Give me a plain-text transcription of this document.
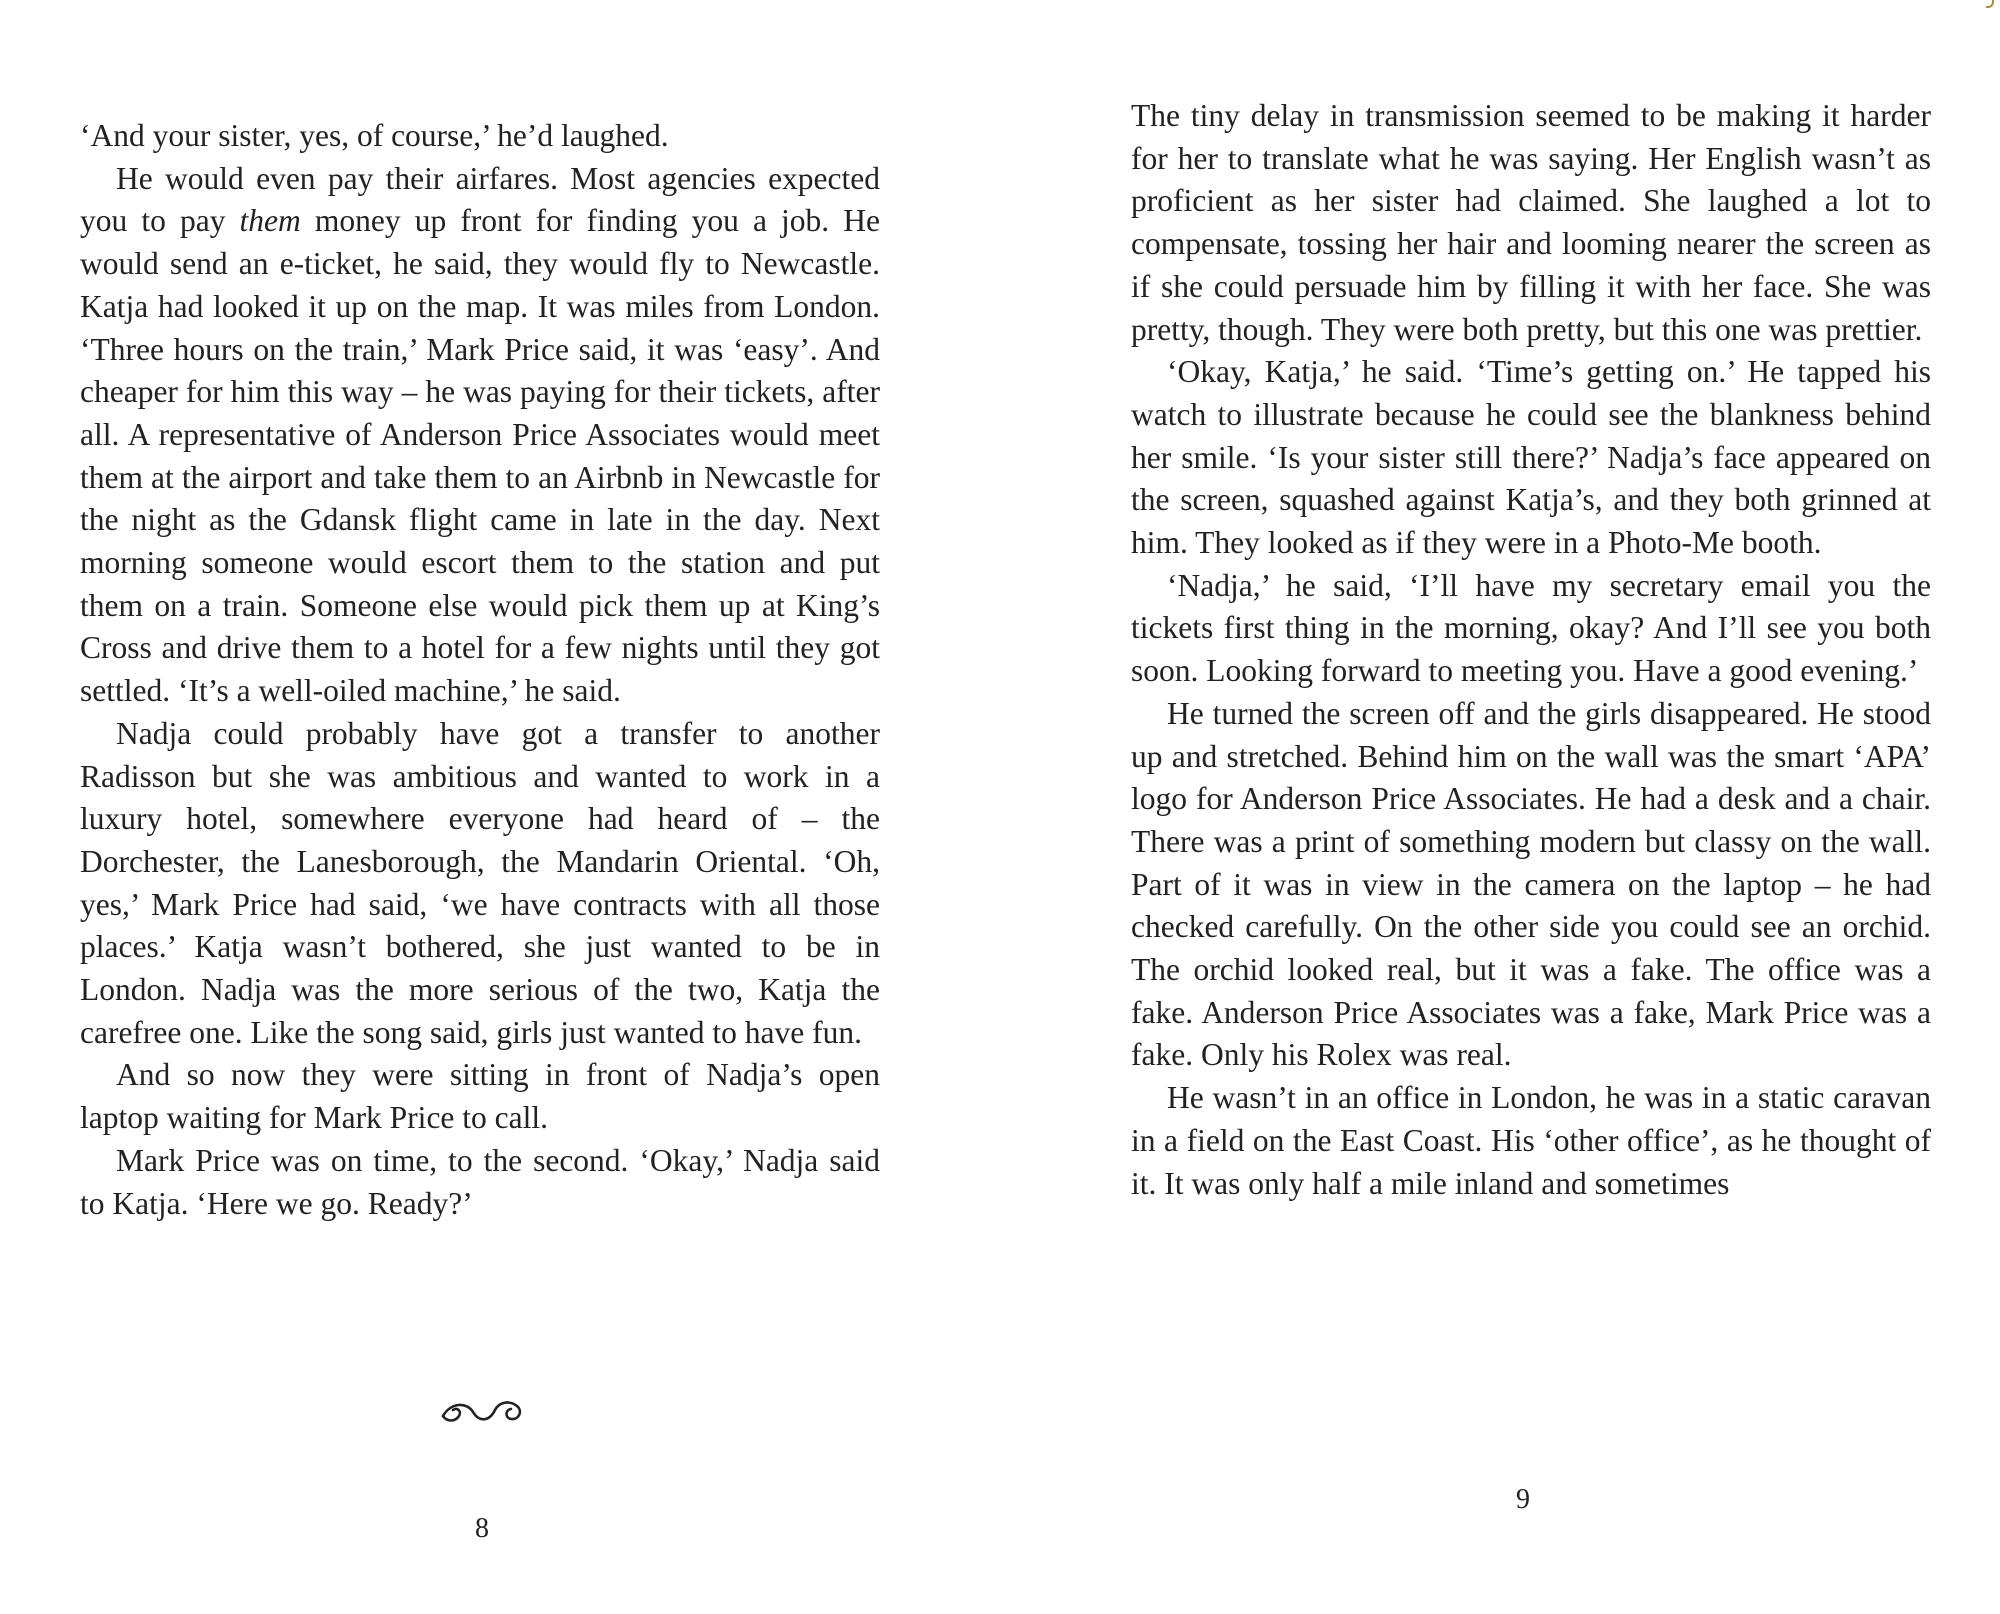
‘And your sister, yes, of course,’ he’d laughed.

He would even pay their airfares. Most agencies expected you to pay them money up front for finding you a job. He would send an e-ticket, he said, they would fly to Newcastle. Katja had looked it up on the map. It was miles from London. ‘Three hours on the train,’ Mark Price said, it was ‘easy’. And cheaper for him this way – he was paying for their tickets, after all. A representative of Anderson Price Associates would meet them at the airport and take them to an Airbnb in Newcastle for the night as the Gdansk flight came in late in the day. Next morning someone would escort them to the station and put them on a train. Someone else would pick them up at King’s Cross and drive them to a hotel for a few nights until they got settled. ‘It’s a well-oiled machine,’ he said.

Nadja could probably have got a transfer to another Radisson but she was ambitious and wanted to work in a luxury hotel, somewhere everyone had heard of – the Dorchester, the Lanesborough, the Mandarin Oriental. ‘Oh, yes,’ Mark Price had said, ‘we have contracts with all those places.’ Katja wasn’t bothered, she just wanted to be in London. Nadja was the more serious of the two, Katja the carefree one. Like the song said, girls just wanted to have fun.

And so now they were sitting in front of Nadja’s open laptop waiting for Mark Price to call.

Mark Price was on time, to the second. ‘Okay,’ Nadja said to Katja. ‘Here we go. Ready?’

8

The tiny delay in transmission seemed to be making it harder for her to translate what he was saying. Her English wasn’t as proficient as her sister had claimed. She laughed a lot to compensate, tossing her hair and looming nearer the screen as if she could persuade him by filling it with her face. She was pretty, though. They were both pretty, but this one was prettier.

‘Okay, Katja,’ he said. ‘Time’s getting on.’ He tapped his watch to illustrate because he could see the blankness behind her smile. ‘Is your sister still there?’ Nadja’s face appeared on the screen, squashed against Katja’s, and they both grinned at him. They looked as if they were in a Photo-Me booth.

‘Nadja,’ he said, ‘I’ll have my secretary email you the tickets first thing in the morning, okay? And I’ll see you both soon. Looking forward to meeting you. Have a good evening.’

He turned the screen off and the girls disappeared. He stood up and stretched. Behind him on the wall was the smart ‘APA’ logo for Anderson Price Associates. He had a desk and a chair. There was a print of something modern but classy on the wall. Part of it was in view in the camera on the laptop – he had checked carefully. On the other side you could see an orchid. The orchid looked real, but it was a fake. The office was a fake. Anderson Price Associates was a fake, Mark Price was a fake. Only his Rolex was real.

He wasn’t in an office in London, he was in a static caravan in a field on the East Coast. His ‘other office’, as he thought of it. It was only half a mile inland and sometimes

9
